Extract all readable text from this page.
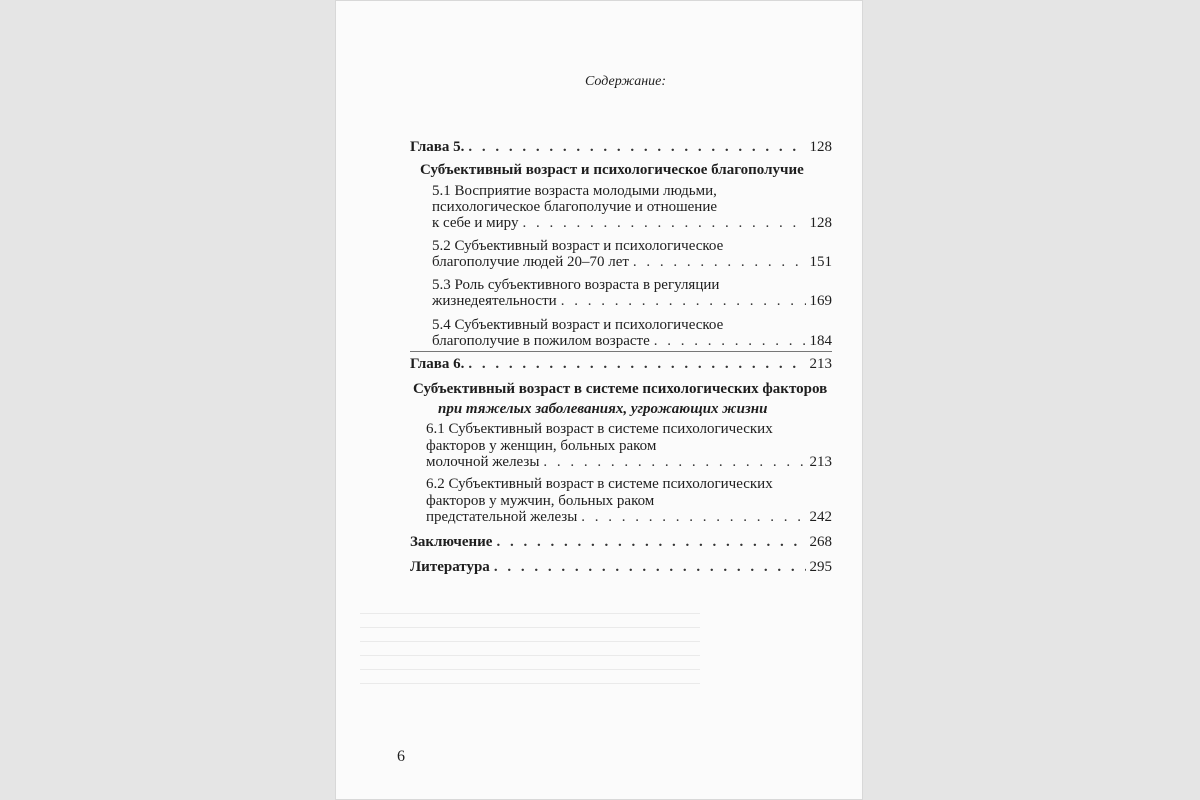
Содержание:
Глава 5. . . .	128
Субъективный возраст и психологическое благополучие
5.1 Восприятие возраста молодыми людьми,
психологическое благополучие и отношение
к себе и миру . . .	128
5.2 Субъективный возраст и психологическое
благополучие людей 20–70 лет . . .	151
5.3 Роль субъективного возраста в регуляции
жизнедеятельности . . .	169
5.4 Субъективный возраст и психологическое
благополучие в пожилом возрасте . . .	184
Глава 6. . . .	213
Субъективный возраст в системе психологических факторов
при тяжелых заболеваниях, угрожающих жизни
6.1 Субъективный возраст в системе психологических
факторов у женщин, больных раком
молочной железы . . .	213
6.2 Субъективный возраст в системе психологических
факторов у мужчин, больных раком
предстательной железы . . .	242
Заключение . . .	268
Литература . . .	295
6
